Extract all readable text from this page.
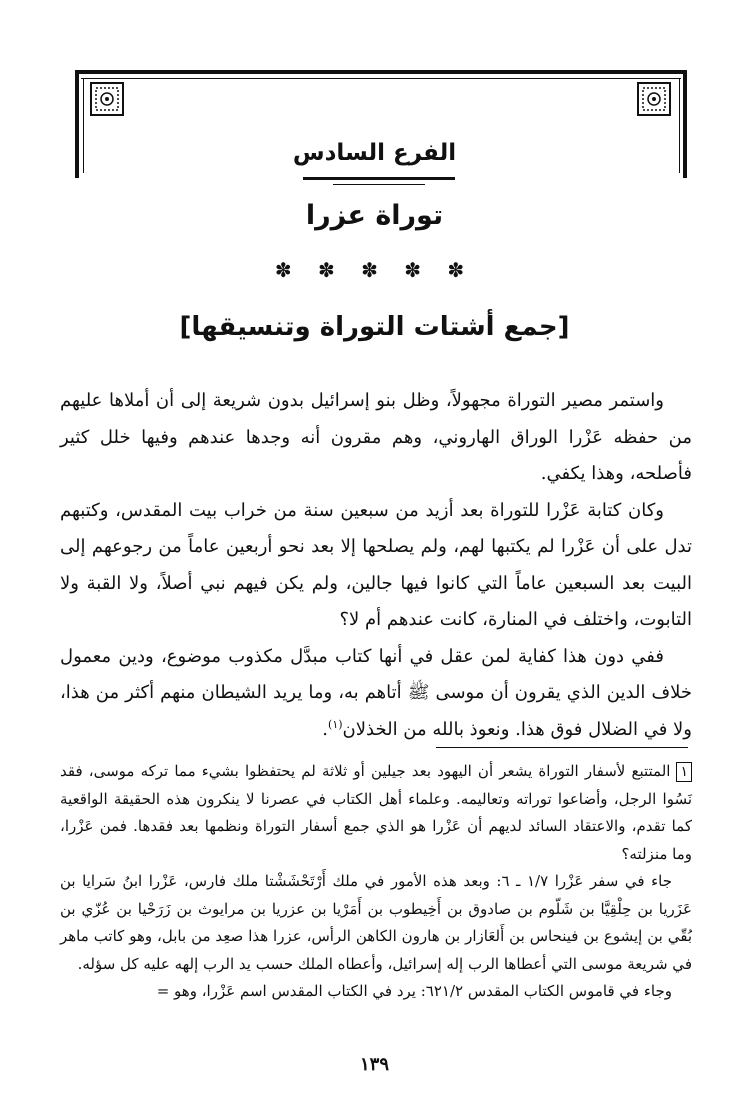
الفرع السادس
توراة عزرا
✽ ✽ ✽ ✽ ✽
[جمع أشتات التوراة وتنسيقها]

واستمر مصير التوراة مجهولاً، وظل بنو إسرائيل بدون شريعة إلى أن أملاها عليهم من حفظه عَزْرا الوراق الهاروني، وهم مقرون أنه وجدها عندهم وفيها خلل كثير فأصلحه، وهذا يكفي.

وكان كتابة عَزْرا للتوراة بعد أزيد من سبعين سنة من خراب بيت المقدس، وكتبهم تدل على أن عَزْرا لم يكتبها لهم، ولم يصلحها إلا بعد نحو أربعين عاماً من رجوعهم إلى البيت بعد السبعين عاماً التي كانوا فيها جالين، ولم يكن فيهم نبي أصلاً، ولا القبة ولا التابوت، واختلف في المنارة، كانت عندهم أم لا؟

ففي دون هذا كفاية لمن عقل في أنها كتاب مبدَّل مكذوب موضوع، ودين معمول خلاف الدين الذي يقرون أن موسى ﷺ أتاهم به، وما يريد الشيطان منهم أكثر من هذا، ولا في الضلال فوق هذا. ونعوذ بالله من الخذلان$^{(١)}$.

١المتتبع لأسفار التوراة يشعر أن اليهود بعد جيلين أو ثلاثة لم يحتفظوا بشيء مما تركه موسى، فقد نَسُوا الرجل، وأضاعوا توراته وتعاليمه. وعلماء أهل الكتاب في عصرنا لا ينكرون هذه الحقيقة الواقعية كما تقدم، والاعتقاد السائد لديهم أن عَزْرا هو الذي جمع أسفار التوراة ونظمها بعد فقدها. فمن عَزْرا، وما منزلته؟

جاء في سفر عَزْرا ١/٧ ـ ٦: وبعد هذه الأمور في ملك أَرْتَحْشَشْتا ملك فارس، عَزْرا ابنُ سَرايا بن عَزَريا بن حِلْقِيَّا بن شَلّوم بن صادوق بن أَخِيطوب بن أَمَرْيا بن عزريا بن مرايوث بن زَرَحْيا بن عُزّي بن بُقّي بن إيشوع بن فينحاس بن أَلعَازار بن هارون الكاهن الرأس، عزرا هذا صعِد من بابل، وهو كاتب ماهر في شريعة موسى التي أعطاها الرب إله إسرائيل، وأعطاه الملك حسب يد الرب إلهه عليه كل سؤله.

وجاء في قاموس الكتاب المقدس ٦٢١/٢: يرد في الكتاب المقدس اسم عَزْرا، وهو =

١٣٩
